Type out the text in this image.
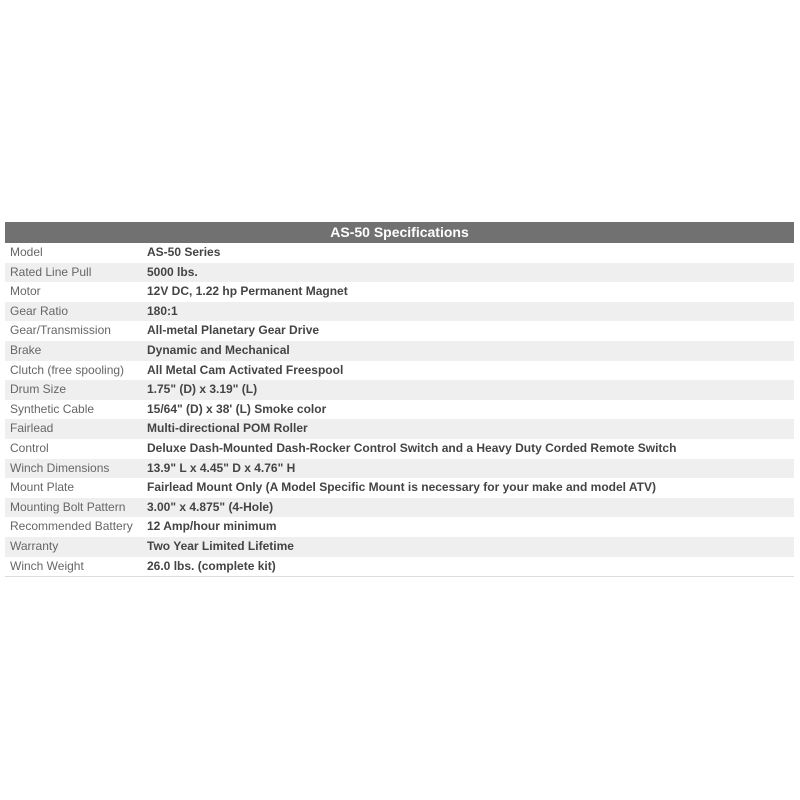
AS-50 Specifications
Model	AS-50 Series
Rated Line Pull	5000 lbs.
Motor	12V DC, 1.22 hp Permanent Magnet
Gear Ratio	180:1
Gear/Transmission	All-metal Planetary Gear Drive
Brake	Dynamic and Mechanical
Clutch (free spooling)	All Metal Cam Activated Freespool
Drum Size	1.75" (D) x 3.19" (L)
Synthetic Cable	15/64" (D) x 38' (L) Smoke color
Fairlead	Multi-directional POM Roller
Control	Deluxe Dash-Mounted Dash-Rocker Control Switch and a Heavy Duty Corded Remote Switch
Winch Dimensions	13.9" L x 4.45" D x 4.76" H
Mount Plate	Fairlead Mount Only (A Model Specific Mount is necessary for your make and model ATV)
Mounting Bolt Pattern	3.00" x 4.875" (4-Hole)
Recommended Battery	12 Amp/hour minimum
Warranty	Two Year Limited Lifetime
Winch Weight	26.0 lbs. (complete kit)
